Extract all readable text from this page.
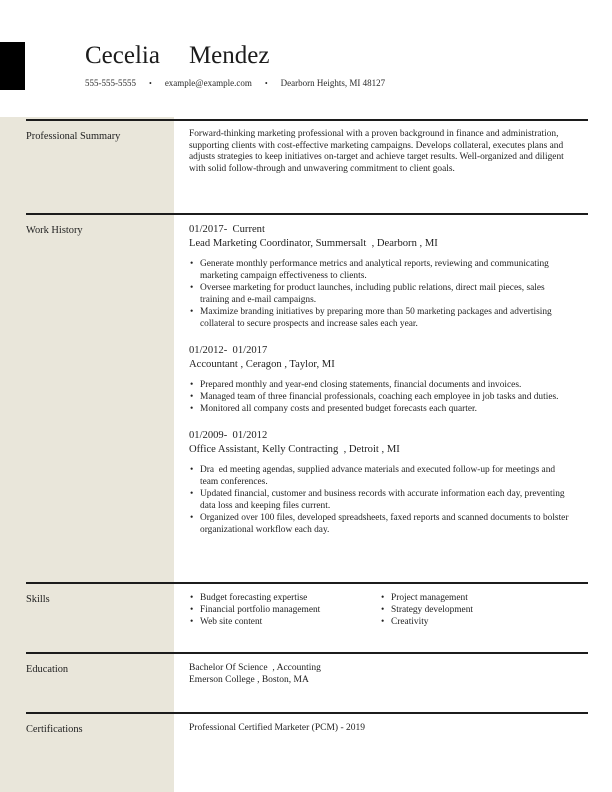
Cecelia Mendez
555-555-5555 • example@example.com • Dearborn Heights, MI 48127
Professional Summary	Forward-thinking marketing professional with a proven background in finance and administration, supporting clients with cost-effective marketing campaigns. Develops collateral, executes plans and adjusts strategies to keep initiatives on-target and achieve target results. Well-organized and diligent with solid follow-through and unwavering commitment to client goals.
Work History	01/2017- Current
Lead Marketing Coordinator, Summersalt , Dearborn , MI
• Generate monthly performance metrics and analytical reports, reviewing and communicating marketing campaign effectiveness to clients.
• Oversee marketing for product launches, including public relations, direct mail pieces, sales training and e-mail campaigns.
• Maximize branding initiatives by preparing more than 50 marketing packages and advertising collateral to secure prospects and increase sales each year.
01/2012- 01/2017
Accountant , Ceragon , Taylor, MI
• Prepared monthly and year-end closing statements, financial documents and invoices.
• Managed team of three financial professionals, coaching each employee in job tasks and duties.
• Monitored all company costs and presented budget forecasts each quarter.
01/2009- 01/2012
Office Assistant, Kelly Contracting , Detroit , MI
• Dra ed meeting agendas, supplied advance materials and executed follow-up for meetings and team conferences.
• Updated financial, customer and business records with accurate information each day, preventing data loss and keeping files current.
• Organized over 100 files, developed spreadsheets, faxed reports and scanned documents to bolster organizational workflow each day.
Skills	• Budget forecasting expertise
• Financial portfolio management
• Web site content
• Project management
• Strategy development
• Creativity
Education	Bachelor Of Science , Accounting
Emerson College , Boston, MA
Certifications	Professional Certified Marketer (PCM) - 2019
